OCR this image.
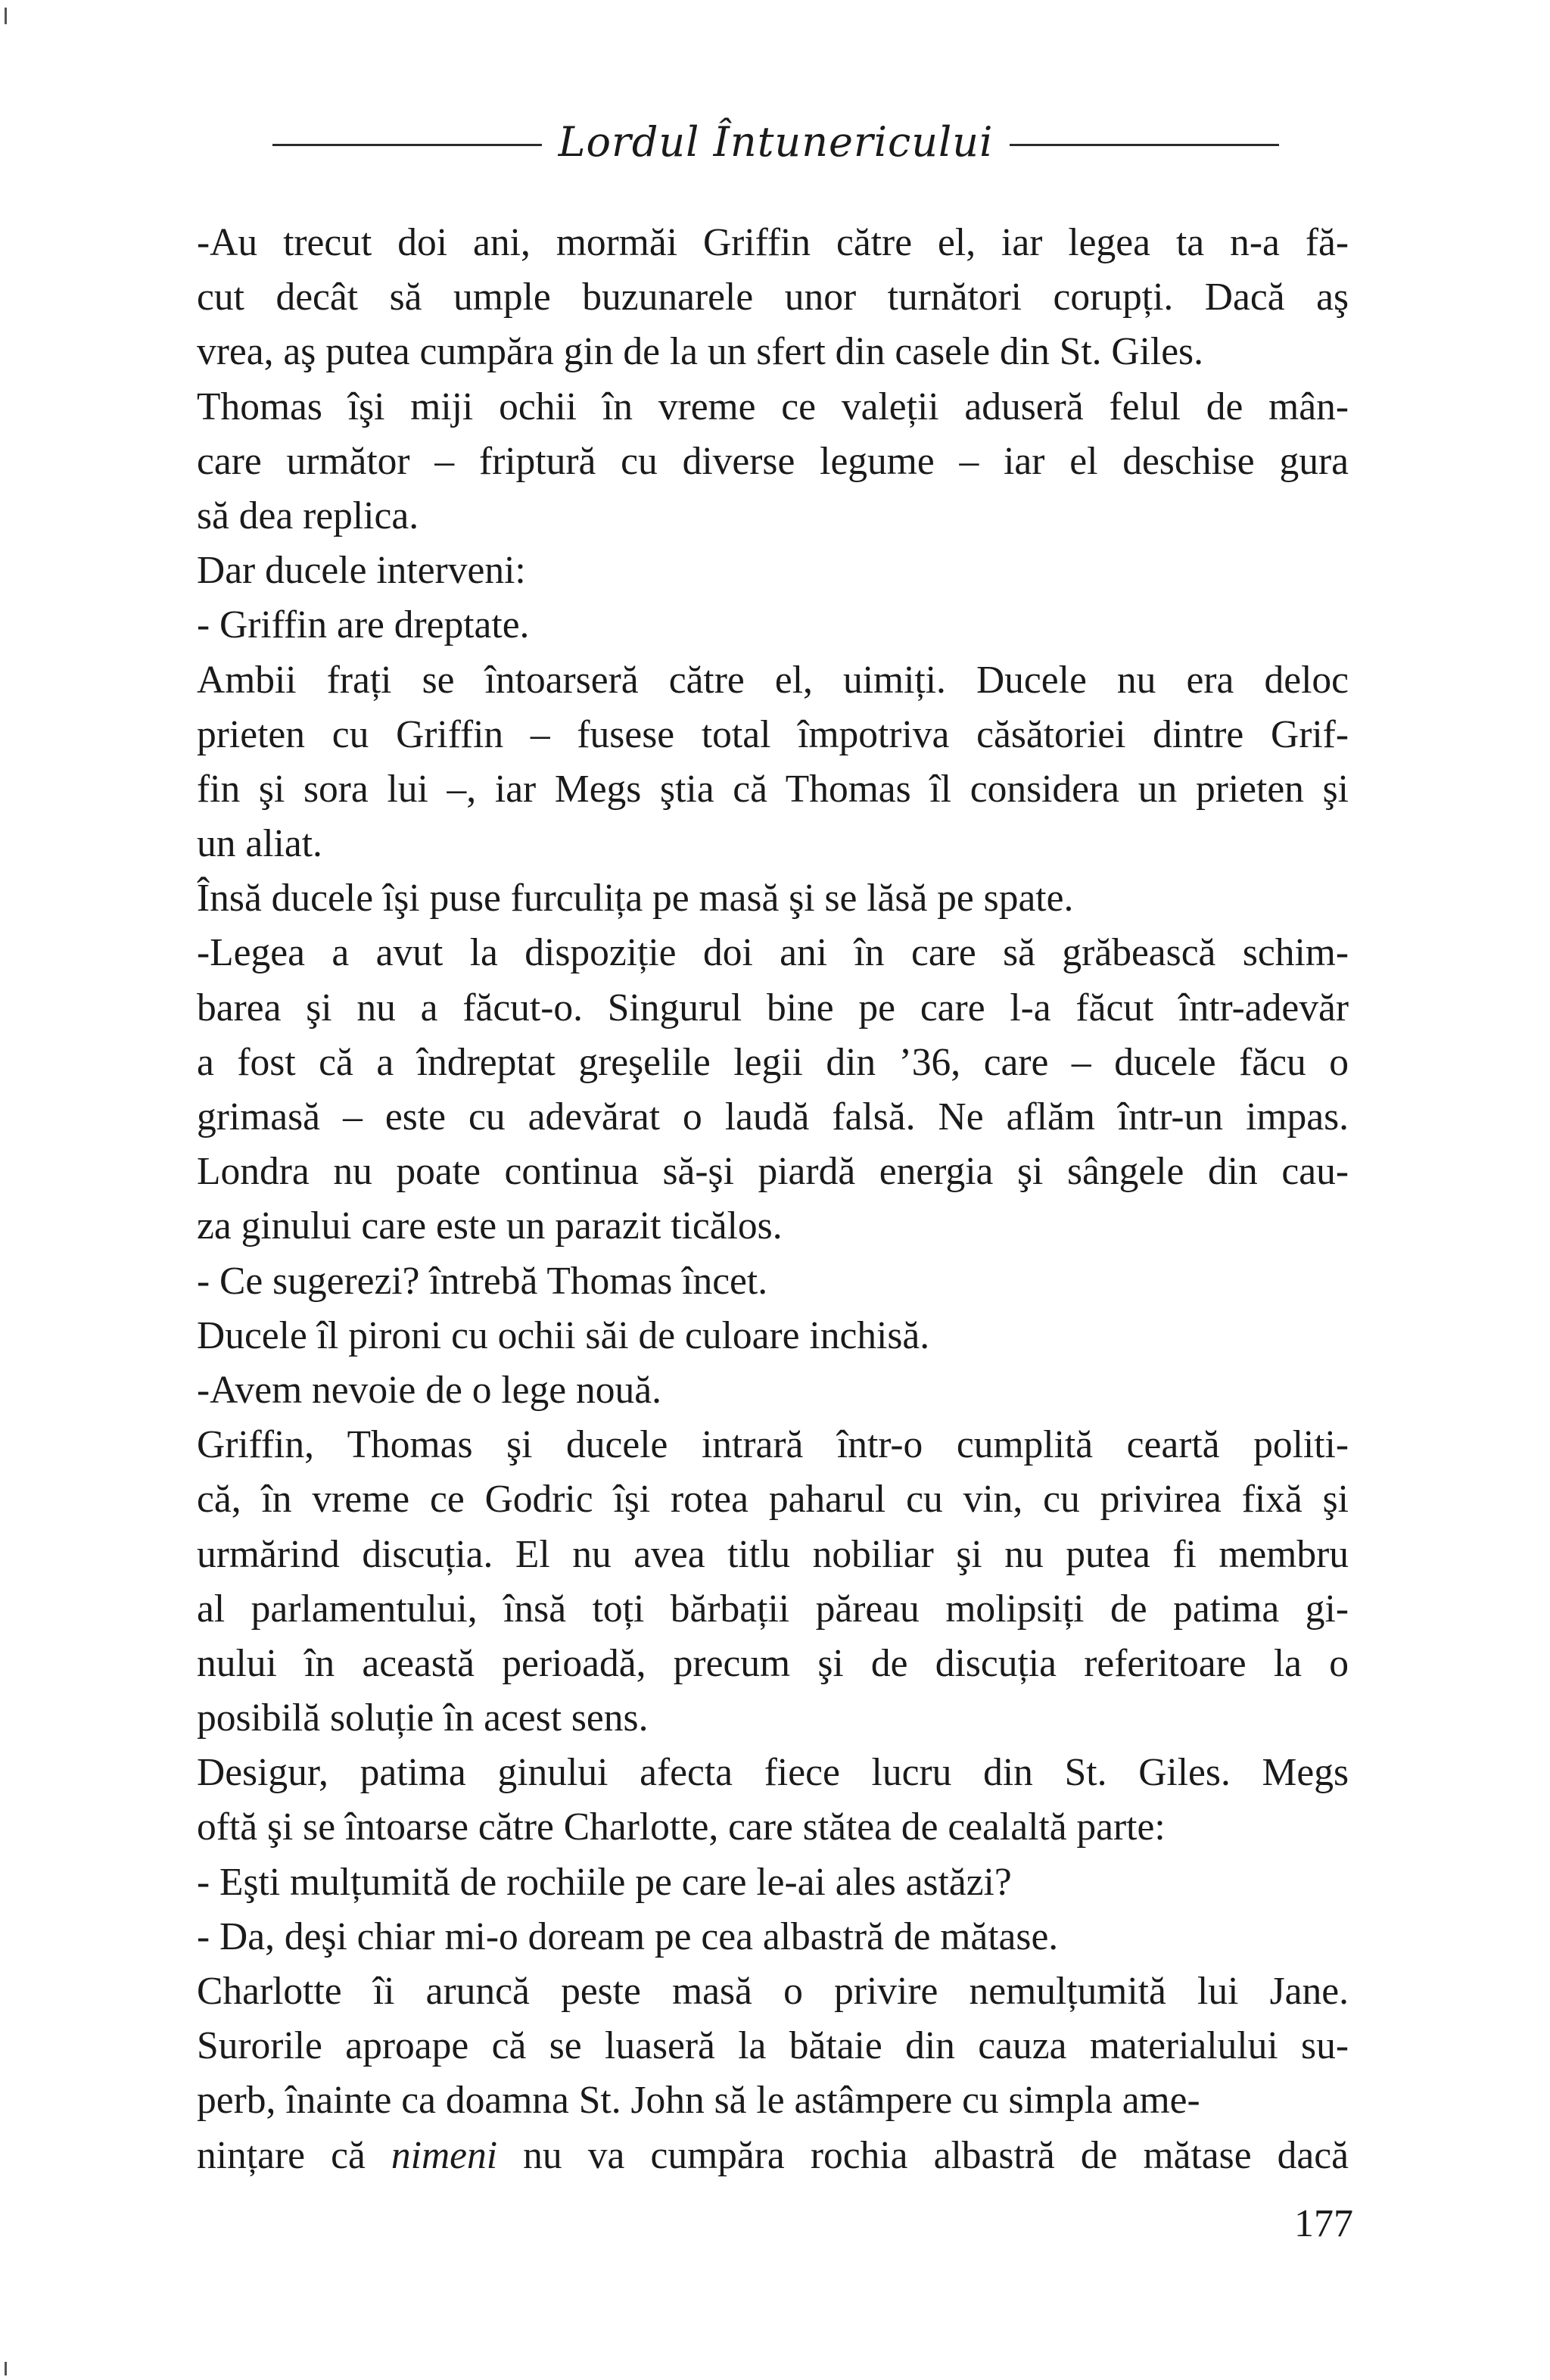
Lordul Întunericului
-Au trecut doi ani, mormăi Griffin către el, iar legea ta n-a fă-
cut decât să umple buzunarele unor turnători corupți. Dacă aş
vrea, aş putea cumpăra gin de la un sfert din casele din St. Giles.
Thomas îşi miji ochii în vreme ce valeții aduseră felul de mân-
care următor – friptură cu diverse legume – iar el deschise gura
să dea replica.
Dar ducele interveni:
- Griffin are dreptate.
Ambii frați se întoarseră către el, uimiți. Ducele nu era deloc
prieten cu Griffin – fusese total împotriva căsătoriei dintre Grif-
fin şi sora lui –, iar Megs ştia că Thomas îl considera un prieten şi
un aliat.
Însă ducele îşi puse furculița pe masă şi se lăsă pe spate.
-Legea a avut la dispoziție doi ani în care să grăbească schim-
barea şi nu a făcut-o. Singurul bine pe care l-a făcut într-adevăr
a fost că a îndreptat greşelile legii din ’36, care – ducele făcu o
grimasă – este cu adevărat o laudă falsă. Ne aflăm într-un impas.
Londra nu poate continua să-şi piardă energia şi sângele din cau-
za ginului care este un parazit ticălos.
- Ce sugerezi? întrebă Thomas încet.
Ducele îl pironi cu ochii săi de culoare inchisă.
-Avem nevoie de o lege nouă.
Griffin, Thomas şi ducele intrară într-o cumplită ceartă politi-
că, în vreme ce Godric îşi rotea paharul cu vin, cu privirea fixă şi
urmărind discuția. El nu avea titlu nobiliar şi nu putea fi membru
al parlamentului, însă toți bărbații păreau molipsiți de patima gi-
nului în această perioadă, precum şi de discuția referitoare la o
posibilă soluție în acest sens.
Desigur, patima ginului afecta fiece lucru din St. Giles. Megs
oftă şi se întoarse către Charlotte, care stătea de cealaltă parte:
- Eşti mulțumită de rochiile pe care le-ai ales astăzi?
- Da, deşi chiar mi-o doream pe cea albastră de mătase.
Charlotte îi aruncă peste masă o privire nemulțumită lui Jane.
Surorile aproape că se luaseră la bătaie din cauza materialului su-
perb, înainte ca doamna St. John să le astâmpere cu simpla ame-
nințare că nimeni nu va cumpăra rochia albastră de mătase dacă
177
